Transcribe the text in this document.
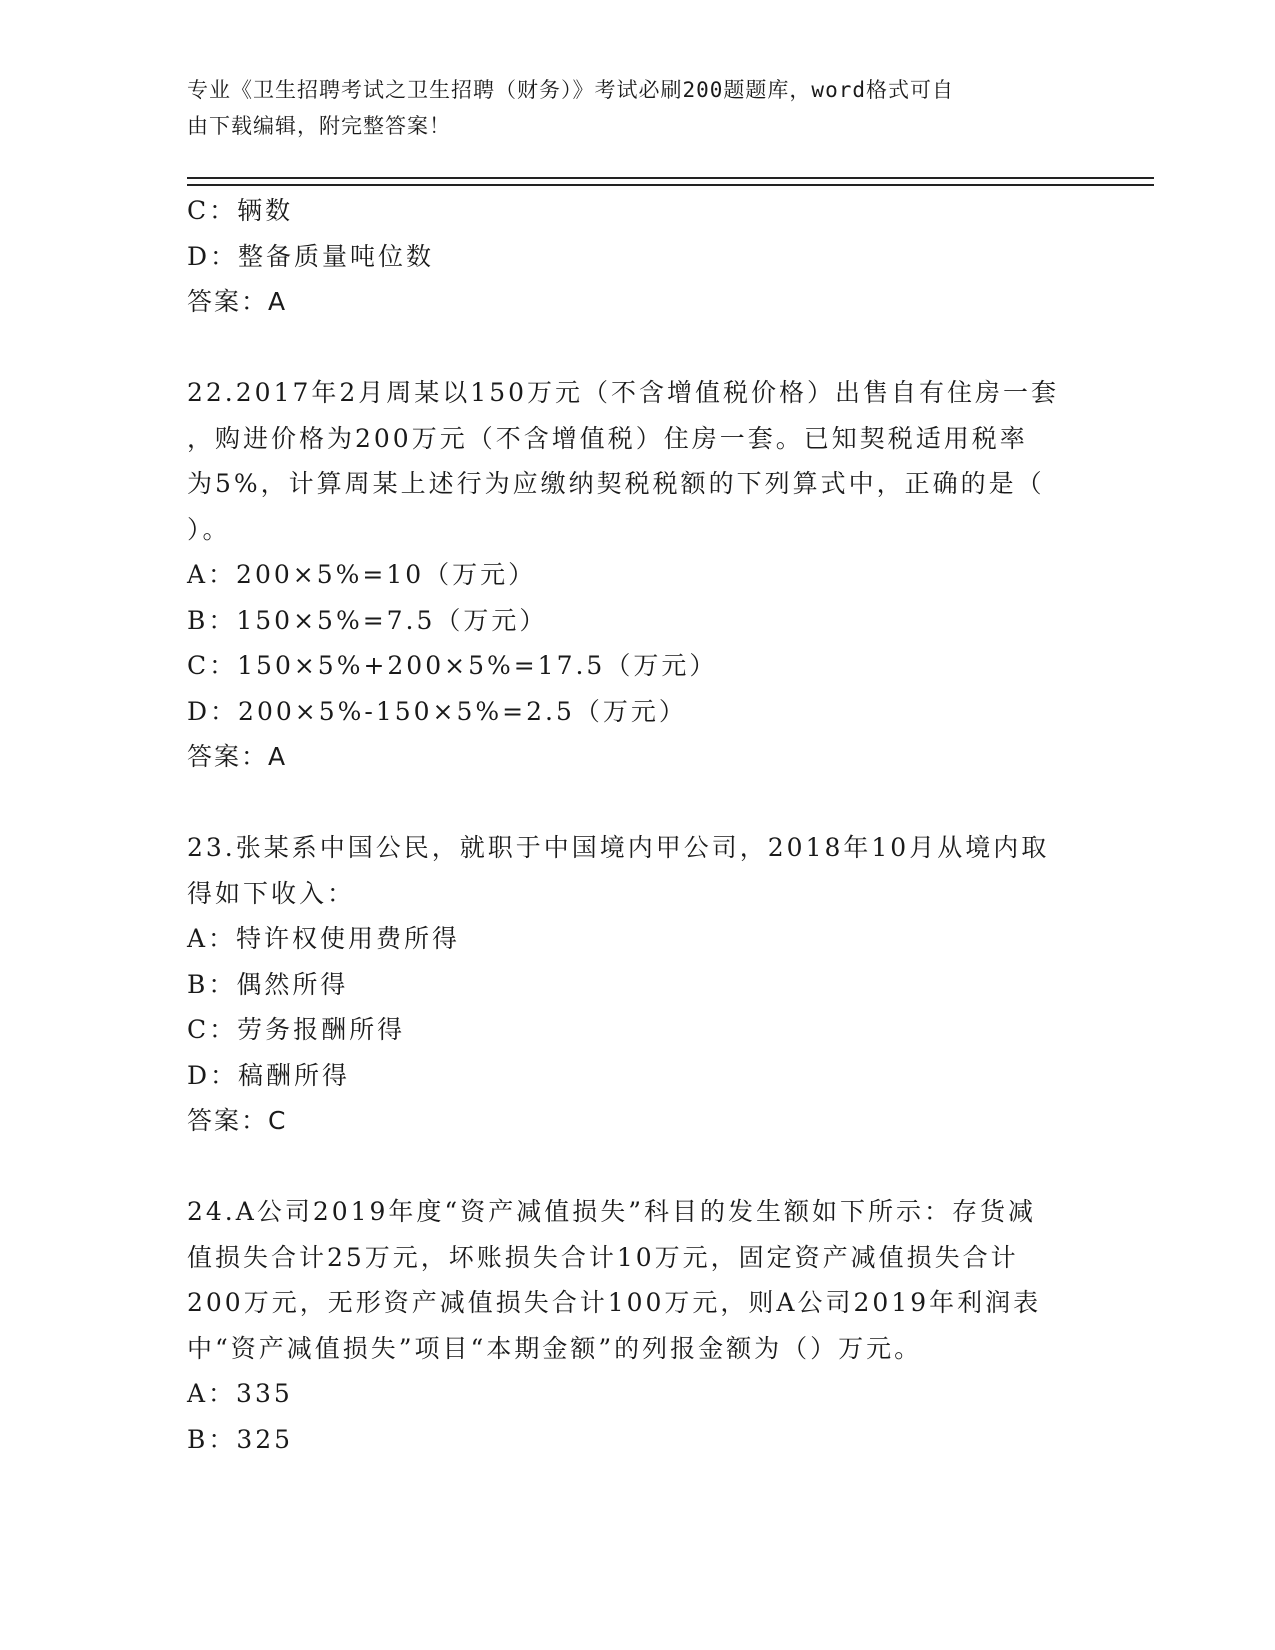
专业《卫生招聘考试之卫生招聘（财务）》考试必刷200题题库，word格式可自
由下载编辑，附完整答案！
C：辆数
D：整备质量吨位数
答案：A
22.2017年2月周某以150万元（不含增值税价格）出售自有住房一套
，购进价格为200万元（不含增值税）住房一套。已知契税适用税率
为5%，计算周某上述行为应缴纳契税税额的下列算式中，正确的是（
）。
A：200×5%=10（万元）
B：150×5%=7.5（万元）
C：150×5%+200×5%=17.5（万元）
D：200×5%-150×5%=2.5（万元）
答案：A
23.张某系中国公民，就职于中国境内甲公司，2018年10月从境内取
得如下收入：
A：特许权使用费所得
B：偶然所得
C：劳务报酬所得
D：稿酬所得
答案：C
24.A公司2019年度“资产减值损失”科目的发生额如下所示：存货减
值损失合计25万元，坏账损失合计10万元，固定资产减值损失合计
200万元，无形资产减值损失合计100万元，则A公司2019年利润表
中“资产减值损失”项目“本期金额”的列报金额为（）万元。
A：335
B：325
